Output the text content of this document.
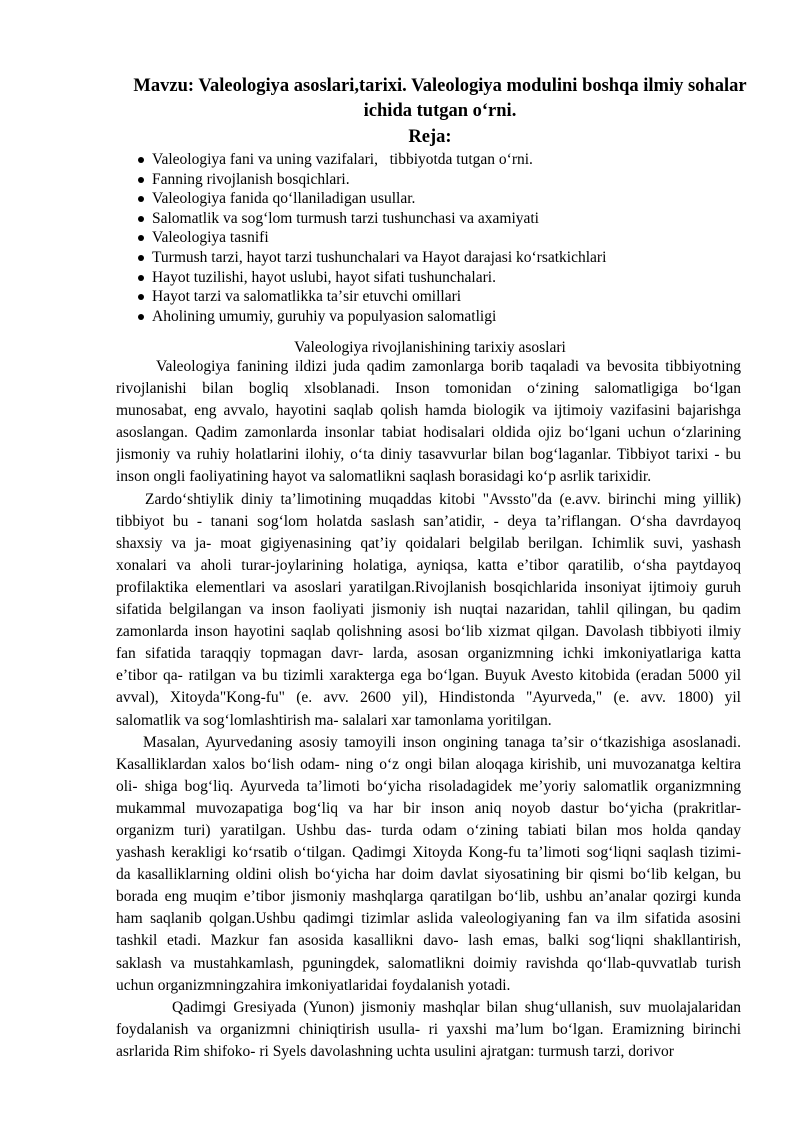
Mavzu: Valeologiya asoslari,tarixi. Valeologiya modulini boshqa ilmiy sohalar
ichida tutgan oʻrni.
Reja:
Valeologiya fani va uning vazifalari,   tibbiyotda tutgan oʻrni.
Fanning rivojlanish bosqichlari.
Valeologiya fanida qoʻllaniladigan usullar.
Salomatlik va sogʻlom turmush tarzi tushunchasi va axamiyati
Valeologiya tasnifi
Turmush tarzi, hayot tarzi tushunchalari va Hayot darajasi koʻrsatkichlari
Hayot tuzilishi, hayot uslubi, hayot sifati tushunchalari.
Hayot tarzi va salomatlikka taʼsir etuvchi omillari
Aholining umumiy, guruhiy va populyasion salomatligi
Valeologiya rivojlanishining tarixiy asoslari

Valeologiya fanining ildizi juda qadim zamonlarga borib taqaladi va bevosita tibbiyotning
rivojlanishi bilan bogliq xlsoblanadi. Inson tomonidan oʻzining salomatligiga boʻlgan
munosabat, eng avvalo, hayotini saqlab qolish hamda biologik va ijtimoiy vazifasini bajarishga
asoslangan. Qadim zamonlarda insonlar tabiat hodisalari oldida ojiz boʻlgani uchun oʻzlarining
jismoniy va ruhiy holatlarini ilohiy, oʻta diniy tasavvurlar bilan bogʻlaganlar. Tibbiyot tarixi - bu
inson ongli faoliyatining hayot va salomatlikni saqlash borasidagi koʻp asrlik tarixidir.

Zardoʻshtiylik diniy taʼlimotining muqaddas kitobi "Avssto"da (e.avv. birinchi ming yillik)
tibbiyot bu - tanani sogʻlom holatda saslash sanʼatidir, - deya taʼriflangan. Oʻsha davrdayoq
shaxsiy va ja- moat gigiyenasining qatʼiy qoidalari belgilab berilgan. Ichimlik suvi, yashash
xonalari va aholi turar-joylarining holatiga, ayniqsa, katta eʼtibor qaratilib, oʻsha paytdayoq
profilaktika elementlari va asoslari yaratilgan.Rivojlanish bosqichlarida insoniyat ijtimoiy guruh
sifatida belgilangan va inson faoliyati jismoniy ish nuqtai nazaridan, tahlil qilingan, bu qadim
zamonlarda inson hayotini saqlab qolishning asosi boʻlib xizmat qilgan. Davolash tibbiyoti ilmiy
fan sifatida taraqqiy topmagan davr- larda, asosan organizmning ichki imkoniyatlariga katta
eʼtibor qa- ratilgan va bu tizimli xarakterga ega boʻlgan. Buyuk Avesto kitobida (eradan 5000 yil
avval), Xitoyda"Kong-fu" (e. avv. 2600 yil), Hindistonda "Ayurveda," (e. avv. 1800) yil
salomatlik va sogʻlomlashtirish ma- salalari xar tamonlama yoritilgan.

Masalan, Ayurvedaning asosiy tamoyili inson ongining tanaga taʼsir oʻtkazishiga asoslanadi.
Kasalliklardan xalos boʻlish odam- ning oʻz ongi bilan aloqaga kirishib, uni muvozanatga keltira
oli- shiga bogʻliq. Ayurveda taʼlimoti boʻyicha risoladagidek meʼyoriy salomatlik organizmning
mukammal muvozapatiga bogʻliq va har bir inson aniq noyob dastur boʻyicha (prakritlar-
organizm turi) yaratilgan. Ushbu das- turda odam oʻzining tabiati bilan mos holda qanday
yashash kerakligi koʻrsatib oʻtilgan. Qadimgi Xitoyda Kong-fu taʼlimoti sogʻliqni saqlash tizimi-
da kasalliklarning oldini olish boʻyicha har doim davlat siyosatining bir qismi boʻlib kelgan, bu
borada eng muqim eʼtibor jismoniy mashqlarga qaratilgan boʻlib, ushbu anʼanalar qozirgi kunda
ham saqlanib qolgan.Ushbu qadimgi tizimlar aslida valeologiyaning fan va ilm sifatida asosini
tashkil etadi. Mazkur fan asosida kasallikni davo- lash emas, balki sogʻliqni shakllantirish,
saklash va mustahkamlash, pguningdek, salomatlikni doimiy ravishda qoʻllab-quvvatlab turish
uchun organizmningzahira imkoniyatlaridai foydalanish yotadi.

Qadimgi Gresiyada (Yunon) jismoniy mashqlar bilan shugʻullanish, suv muolajalaridan
foydalanish va organizmni chiniqtirish usulla- ri yaxshi maʼlum boʻlgan. Eramizning birinchi
asrlarida Rim shifoko- ri Syels davolashning uchta usulini ajratgan: turmush tarzi, dorivor
